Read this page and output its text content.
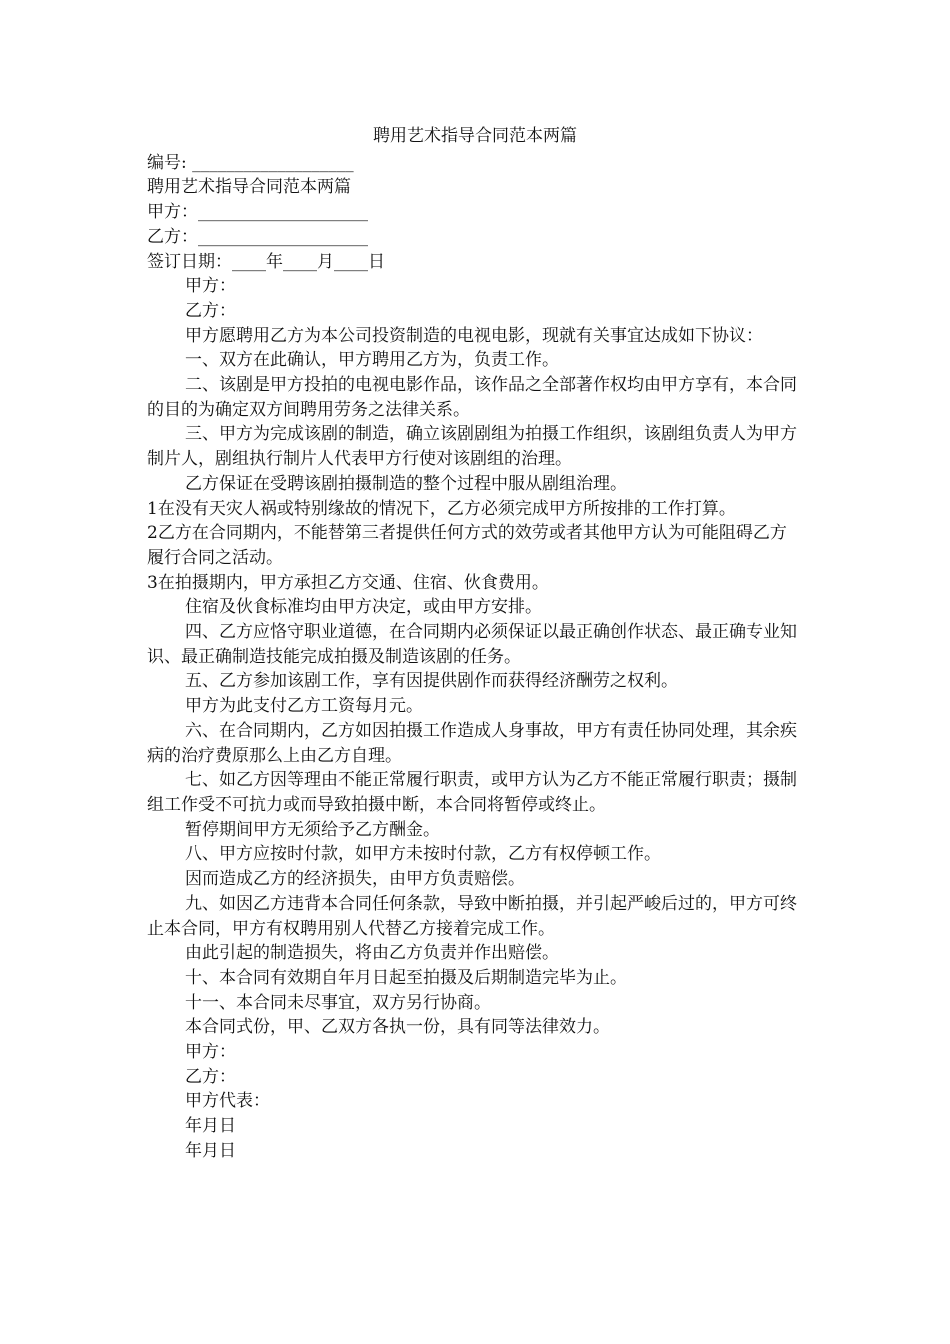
聘用艺术指导合同范本两篇

编号: ___________________

聘用艺术指导合同范本两篇

甲方：____________________

乙方：____________________

签订日期：____年____月____日

甲方：

乙方：

甲方愿聘用乙方为本公司投资制造的电视电影，现就有关事宜达成如下协议：

一、双方在此确认，甲方聘用乙方为，负责工作。

二、该剧是甲方投拍的电视电影作品，该作品之全部著作权均由甲方享有，本合同的目的为确定双方间聘用劳务之法律关系。

三、甲方为完成该剧的制造，确立该剧剧组为拍摄工作组织，该剧组负责人为甲方制片人，剧组执行制片人代表甲方行使对该剧组的治理。

乙方保证在受聘该剧拍摄制造的整个过程中服从剧组治理。

1在没有天灾人祸或特别缘故的情况下，乙方必须完成甲方所按排的工作打算。

2乙方在合同期内，不能替第三者提供任何方式的效劳或者其他甲方认为可能阻碍乙方履行合同之活动。

3在拍摄期内，甲方承担乙方交通、住宿、伙食费用。

住宿及伙食标准均由甲方决定，或由甲方安排。

四、乙方应恪守职业道德，在合同期内必须保证以最正确创作状态、最正确专业知识、最正确制造技能完成拍摄及制造该剧的任务。

五、乙方参加该剧工作，享有因提供剧作而获得经济酬劳之权利。

甲方为此支付乙方工资每月元。

六、在合同期内，乙方如因拍摄工作造成人身事故，甲方有责任协同处理，其余疾病的治疗费原那么上由乙方自理。

七、如乙方因等理由不能正常履行职责，或甲方认为乙方不能正常履行职责；摄制组工作受不可抗力或而导致拍摄中断，本合同将暂停或终止。

暂停期间甲方无须给予乙方酬金。

八、甲方应按时付款，如甲方未按时付款，乙方有权停顿工作。

因而造成乙方的经济损失，由甲方负责赔偿。

九、如因乙方违背本合同任何条款，导致中断拍摄，并引起严峻后过的，甲方可终止本合同，甲方有权聘用别人代替乙方接着完成工作。

由此引起的制造损失，将由乙方负责并作出赔偿。

十、本合同有效期自年月日起至拍摄及后期制造完毕为止。

十一、本合同未尽事宜，双方另行协商。

本合同式份，甲、乙双方各执一份，具有同等法律效力。

甲方：

乙方：

甲方代表：

年月日

年月日
